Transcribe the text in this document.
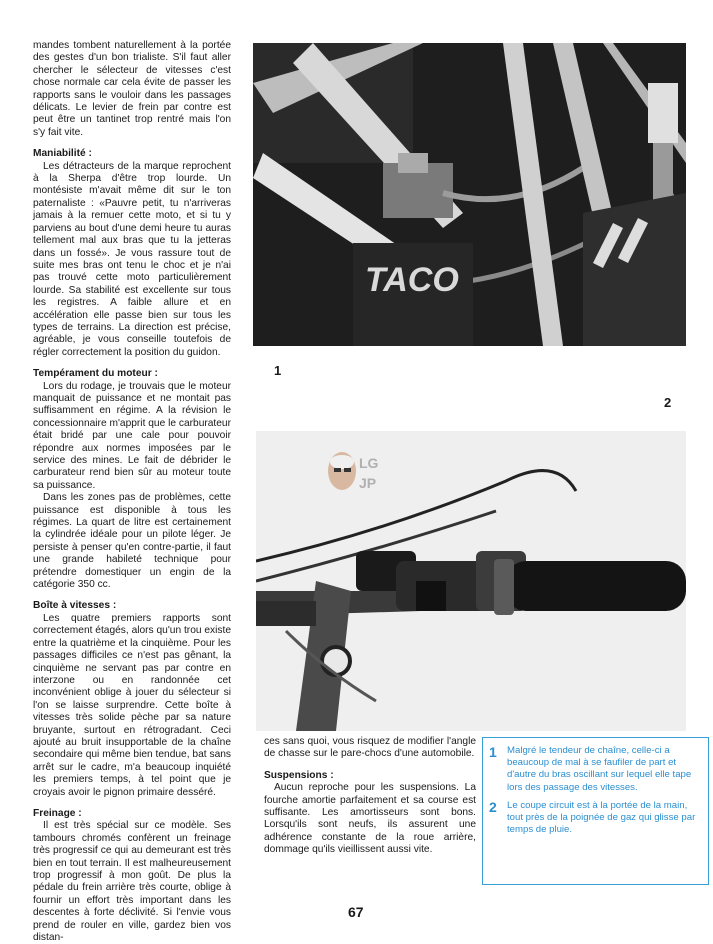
mandes tombent naturellement à la portée des gestes d'un bon trialiste. S'il faut aller chercher le sélecteur de vitesses c'est chose normale car cela évite de passer les rapports sans le vouloir dans les passages délicats. Le levier de frein par contre est peut être un tantinet trop rentré mais l'on s'y fait vite.

Maniabilité :

Les détracteurs de la marque reprochent à la Sherpa d'être trop lourde. Un montésiste m'avait même dit sur le ton paternaliste : «Pauvre petit, tu n'arriveras jamais à la remuer cette moto, et si tu y parviens au bout d'une demi heure tu auras tellement mal aux bras que tu la jetteras dans un fossé». Je vous rassure tout de suite mes bras ont tenu le choc et je n'ai pas trouvé cette moto particulièrement lourde. Sa stabilité est excellente sur tous les registres. A faible allure et en accélération elle passe bien sur tous les types de terrains. La direction est précise, agréable, je vous conseille toutefois de régler correctement la position du guidon.

Tempérament du moteur :

Lors du rodage, je trouvais que le moteur manquait de puissance et ne montait pas suffisamment en régime. A la révision le concessionnaire m'apprit que le carburateur était bridé par une cale pour pouvoir répondre aux normes imposées par le service des mines. Le fait de débrider le carburateur rend bien sûr au moteur toute sa puissance.

Dans les zones pas de problèmes, cette puissance est disponible à tous les régimes. La quart de litre est certainement la cylindrée idéale pour un pilote léger. Je persiste à penser qu'en contre-partie, il faut une grande habileté technique pour prétendre domestiquer un engin de la catégorie 350 cc.

Boîte à vitesses :

Les quatre premiers rapports sont correctement étagés, alors qu'un trou existe entre la quatrième et la cinquième. Pour les passages difficiles ce n'est pas gênant, la cinquième ne servant pas par contre en interzone ou en randonnée cet inconvénient oblige à jouer du sélecteur si l'on se laisse surprendre. Cette boîte à vitesses très solide pèche par sa nature bruyante, surtout en rétrogradant. Ceci ajouté au bruit insupportable de la chaîne secondaire qui même bien tendue, bat sans arrêt sur le cadre, m'a beaucoup inquiété les premiers temps, à tel point que je croyais avoir le pignon primaire desséré.

Freinage :

Il est très spécial sur ce modèle. Ses tambours chromés confèrent un freinage très progressif ce qui au demeurant est très bien en tout terrain. Il est malheureusement trop progressif à mon goût. De plus la pédale du frein arrière très courte, oblige à fournir un effort très important dans les descentes à forte déclivité. Si l'envie vous prend de rouler en ville, gardez bien vos distan-

TACO
1
2
LG
JP

ces sans quoi, vous risquez de modifier l'angle de chasse sur le pare-chocs d'une automobile.

Suspensions :

Aucun reproche pour les suspensions. La fourche amortie parfaitement et sa course est suffisante. Les amortisseurs sont bons. Lorsqu'ils sont neufs, ils assurent une adhérence constante de la roue arrière, dommage qu'ils vieillissent aussi vite.

1	Malgré le tendeur de chaîne, celle-ci a beaucoup de mal à se faufiler de part et d'autre du bras oscillant sur lequel elle tape lors des passage des vitesses.
2	Le coupe circuit est à la portée de la main, tout près de la poignée de gaz qui glisse par temps de pluie.
67
